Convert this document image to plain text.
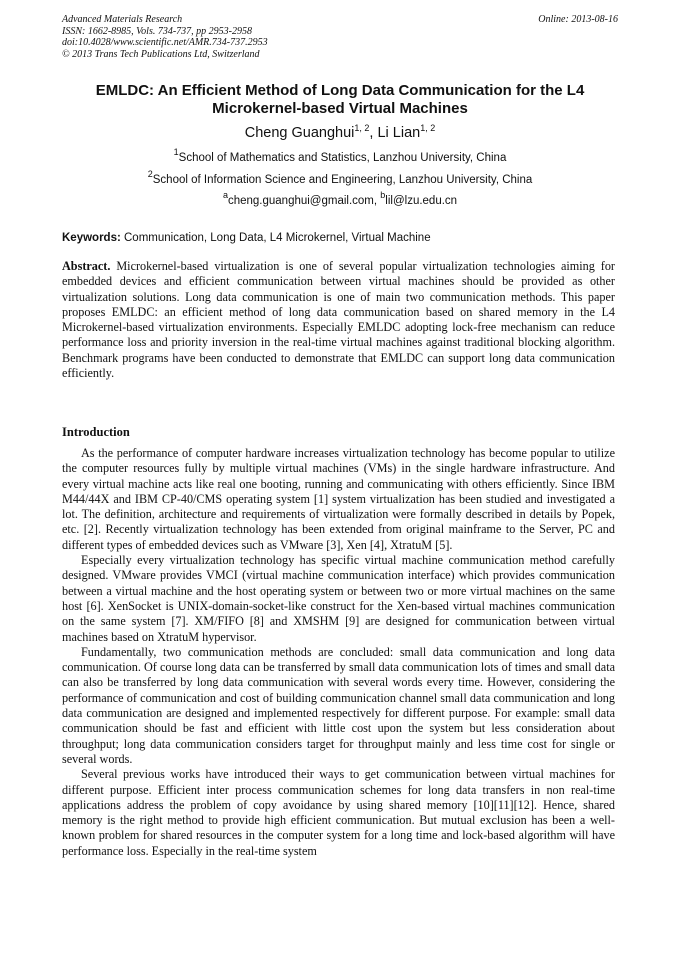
Advanced Materials Research
ISSN: 1662-8985, Vols. 734-737, pp 2953-2958
doi:10.4028/www.scientific.net/AMR.734-737.2953
© 2013 Trans Tech Publications Ltd, Switzerland
Online: 2013-08-16
EMLDC: An Efficient Method of Long Data Communication for the L4 Microkernel-based Virtual Machines
Cheng Guanghui$^{1, 2}$, Li Lian$^{1, 2}$
$^1$School of Mathematics and Statistics, Lanzhou University, China
$^2$School of Information Science and Engineering, Lanzhou University, China
$^a$cheng.guanghui@gmail.com, $^b$lil@lzu.edu.cn
Keywords: Communication, Long Data, L4 Microkernel, Virtual Machine
Abstract. Microkernel-based virtualization is one of several popular virtualization technologies aiming for embedded devices and efficient communication between virtual machines should be provided as other virtualization solutions. Long data communication is one of main two communication methods. This paper proposes EMLDC: an efficient method of long data communication based on shared memory in the L4 Microkernel-based virtualization environments. Especially EMLDC adopting lock-free mechanism can reduce performance loss and priority inversion in the real-time virtual machines against traditional blocking algorithm. Benchmark programs have been conducted to demonstrate that EMLDC can support long data communication efficiently.
Introduction

As the performance of computer hardware increases virtualization technology has become popular to utilize the computer resources fully by multiple virtual machines (VMs) in the single hardware infrastructure. And every virtual machine acts like real one booting, running and communicating with others efficiently. Since IBM M44/44X and IBM CP-40/CMS operating system [1] system virtualization has been studied and investigated a lot. The definition, architecture and requirements of virtualization were formally described in details by Popek, etc. [2]. Recently virtualization technology has been extended from original mainframe to the Server, PC and different types of embedded devices such as VMware [3], Xen [4], XtratuM [5].

Especially every virtualization technology has specific virtual machine communication method carefully designed. VMware provides VMCI (virtual machine communication interface) which provides communication between a virtual machine and the host operating system or between two or more virtual machines on the same host [6]. XenSocket is UNIX-domain-socket-like construct for the Xen-based virtual machines communication on the same system [7]. XM/FIFO [8] and XMSHM [9] are designed for communication between virtual machines based on XtratuM hypervisor.

Fundamentally, two communication methods are concluded: small data communication and long data communication. Of course long data can be transferred by small data communication lots of times and small data can also be transferred by long data communication with several words every time. However, considering the performance of communication and cost of building communication channel small data communication and long data communication are designed and implemented respectively for different purpose. For example: small data communication should be fast and efficient with little cost upon the system but less consideration about throughput; long data communication considers target for throughput mainly and less time cost for single or several words.

Several previous works have introduced their ways to get communication between virtual machines for different purpose. Efficient inter process communication schemes for long data transfers in non real-time applications address the problem of copy avoidance by using shared memory [10][11][12]. Hence, shared memory is the right method to provide high efficient communication. But mutual exclusion has been a well-known problem for shared resources in the computer system for a long time and lock-based algorithm will have performance loss. Especially in the real-time system
